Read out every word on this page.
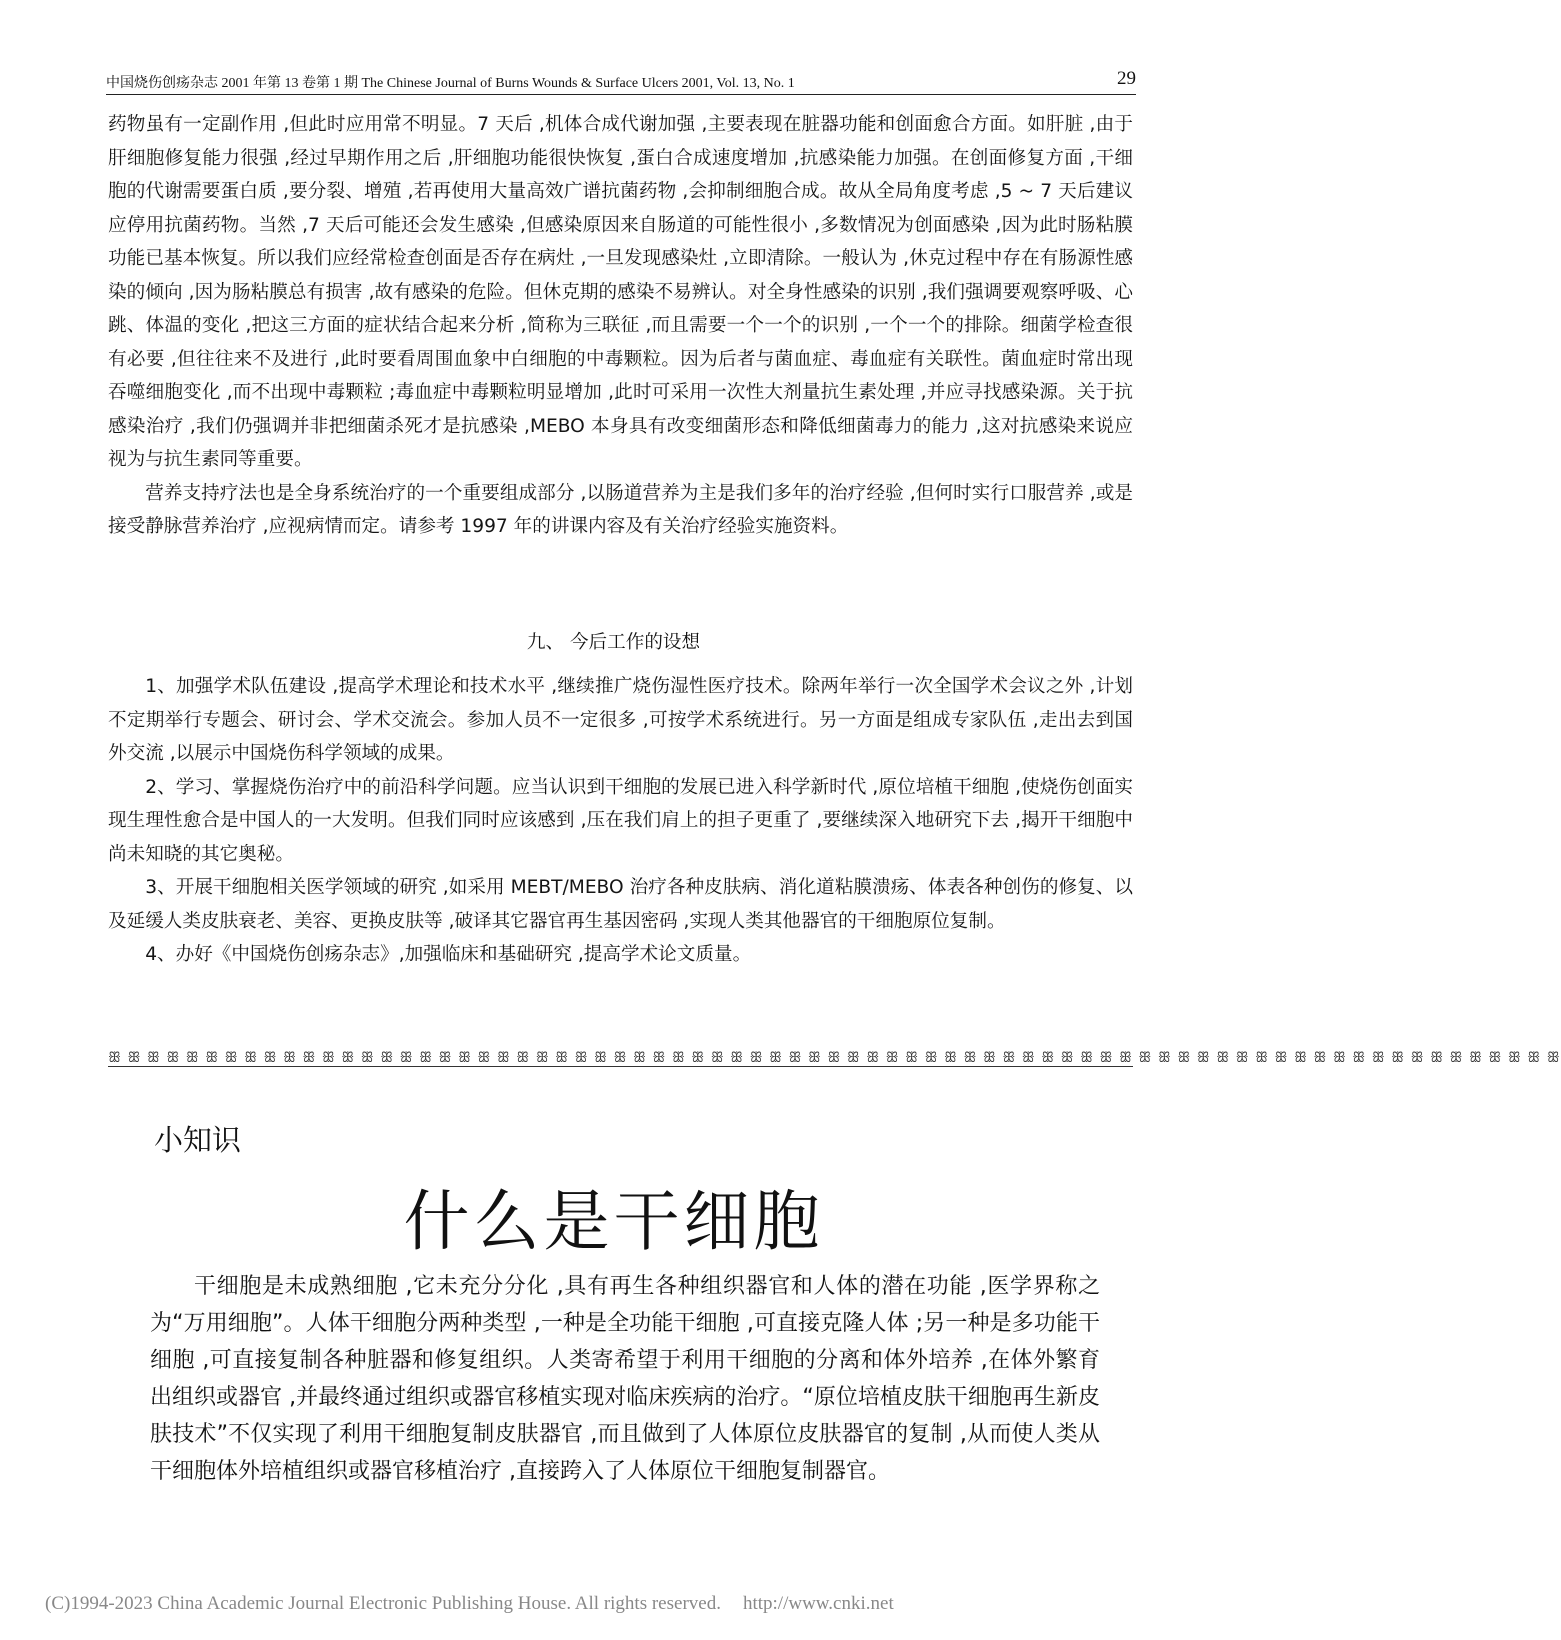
中国烧伤创疡杂志 2001 年第 13 卷第 1 期 The Chinese Journal of Burns Wounds & Surface Ulcers 2001, Vol. 13, No. 1	29

药物虽有一定副作用 ,但此时应用常不明显。7 天后 ,机体合成代谢加强 ,主要表现在脏器功能和创面愈合方面。如肝脏 ,由于肝细胞修复能力很强 ,经过早期作用之后 ,肝细胞功能很快恢复 ,蛋白合成速度增加 ,抗感染能力加强。在创面修复方面 ,干细胞的代谢需要蛋白质 ,要分裂、增殖 ,若再使用大量高效广谱抗菌药物 ,会抑制细胞合成。故从全局角度考虑 ,5 ~ 7 天后建议应停用抗菌药物。当然 ,7 天后可能还会发生感染 ,但感染原因来自肠道的可能性很小 ,多数情况为创面感染 ,因为此时肠粘膜功能已基本恢复。所以我们应经常检查创面是否存在病灶 ,一旦发现感染灶 ,立即清除。一般认为 ,休克过程中存在有肠源性感染的倾向 ,因为肠粘膜总有损害 ,故有感染的危险。但休克期的感染不易辨认。对全身性感染的识别 ,我们强调要观察呼吸、心跳、体温的变化 ,把这三方面的症状结合起来分析 ,简称为三联征 ,而且需要一个一个的识别 ,一个一个的排除。细菌学检查很有必要 ,但往往来不及进行 ,此时要看周围血象中白细胞的中毒颗粒。因为后者与菌血症、毒血症有关联性。菌血症时常出现吞噬细胞变化 ,而不出现中毒颗粒 ;毒血症中毒颗粒明显增加 ,此时可采用一次性大剂量抗生素处理 ,并应寻找感染源。关于抗感染治疗 ,我们仍强调并非把细菌杀死才是抗感染 ,MEBO 本身具有改变细菌形态和降低细菌毒力的能力 ,这对抗感染来说应视为与抗生素同等重要。

营养支持疗法也是全身系统治疗的一个重要组成部分 ,以肠道营养为主是我们多年的治疗经验 ,但何时实行口服营养 ,或是接受静脉营养治疗 ,应视病情而定。请参考 1997 年的讲课内容及有关治疗经验实施资料。

九、 今后工作的设想

1、加强学术队伍建设 ,提高学术理论和技术水平 ,继续推广烧伤湿性医疗技术。除两年举行一次全国学术会议之外 ,计划不定期举行专题会、研讨会、学术交流会。参加人员不一定很多 ,可按学术系统进行。另一方面是组成专家队伍 ,走出去到国外交流 ,以展示中国烧伤科学领域的成果。

2、学习、掌握烧伤治疗中的前沿科学问题。应当认识到干细胞的发展已进入科学新时代 ,原位培植干细胞 ,使烧伤创面实现生理性愈合是中国人的一大发明。但我们同时应该感到 ,压在我们肩上的担子更重了 ,要继续深入地研究下去 ,揭开干细胞中尚未知晓的其它奥秘。

3、开展干细胞相关医学领域的研究 ,如采用 MEBT/MEBO 治疗各种皮肤病、消化道粘膜溃疡、体表各种创伤的修复、以及延缓人类皮肤衰老、美容、更换皮肤等 ,破译其它器官再生基因密码 ,实现人类其他器官的干细胞原位复制。

4、办好《中国烧伤创疡杂志》,加强临床和基础研究 ,提高学术论文质量。

ꕥ ꕥ ꕥ ꕥ ꕥ ꕥ ꕥ ꕥ ꕥ ꕥ ꕥ ꕥ ꕥ ꕥ ꕥ ꕥ ꕥ ꕥ ꕥ ꕥ ꕥ ꕥ ꕥ ꕥ ꕥ ꕥ ꕥ ꕥ ꕥ ꕥ ꕥ ꕥ ꕥ ꕥ ꕥ ꕥ ꕥ ꕥ ꕥ ꕥ ꕥ ꕥ ꕥ ꕥ ꕥ ꕥ ꕥ ꕥ ꕥ ꕥ ꕥ ꕥ ꕥ ꕥ ꕥ ꕥ ꕥ ꕥ ꕥ ꕥ ꕥ ꕥ ꕥ ꕥ ꕥ ꕥ ꕥ ꕥ ꕥ ꕥ ꕥ ꕥ ꕥ ꕥ ꕥ
小知识
什么是干细胞

干细胞是未成熟细胞 ,它未充分分化 ,具有再生各种组织器官和人体的潜在功能 ,医学界称之为“万用细胞”。人体干细胞分两种类型 ,一种是全功能干细胞 ,可直接克隆人体 ;另一种是多功能干细胞 ,可直接复制各种脏器和修复组织。人类寄希望于利用干细胞的分离和体外培养 ,在体外繁育出组织或器官 ,并最终通过组织或器官移植实现对临床疾病的治疗。“原位培植皮肤干细胞再生新皮肤技术”不仅实现了利用干细胞复制皮肤器官 ,而且做到了人体原位皮肤器官的复制 ,从而使人类从干细胞体外培植组织或器官移植治疗 ,直接跨入了人体原位干细胞复制器官。

(C)1994-2023 China Academic Journal Electronic Publishing House. All rights reserved. http://www.cnki.net
